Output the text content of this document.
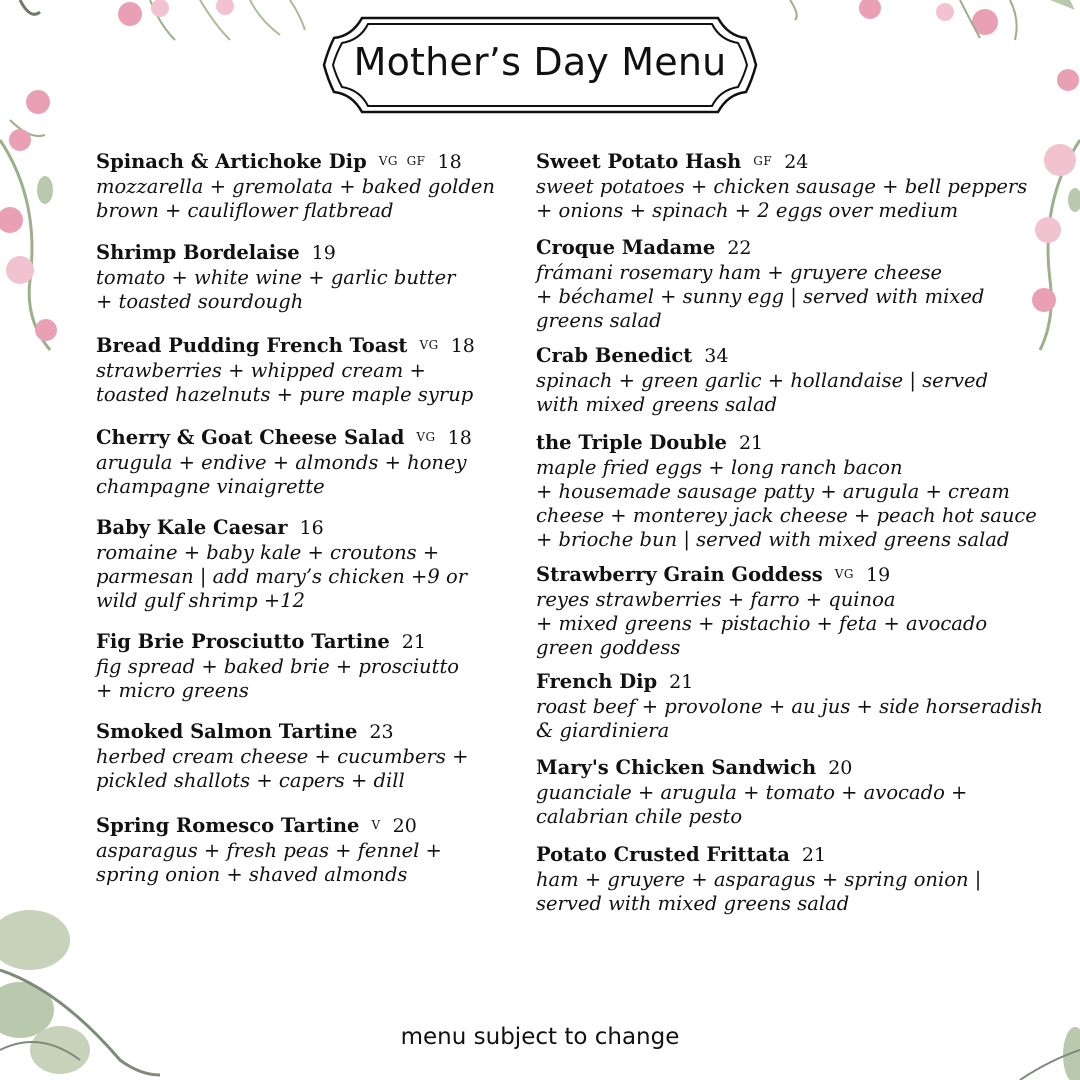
Mother’s Day Menu
Spinach & Artichoke Dip VG  GF 18
mozzarella + gremolata + baked golden
brown + cauliflower flatbread
Shrimp Bordelaise 19
tomato + white wine + garlic butter
+ toasted sourdough
Bread Pudding French Toast VG 18
strawberries + whipped cream +
toasted hazelnuts + pure maple syrup
Cherry & Goat Cheese Salad VG 18
arugula + endive + almonds + honey
champagne vinaigrette
Baby Kale Caesar 16
romaine + baby kale + croutons +
parmesan | add mary’s chicken +9 or
wild gulf shrimp +12
Fig Brie Prosciutto Tartine 21
fig spread + baked brie + prosciutto
+ micro greens
Smoked Salmon Tartine 23
herbed cream cheese + cucumbers +
pickled shallots + capers + dill
Spring Romesco Tartine V 20
asparagus + fresh peas + fennel +
spring onion + shaved almonds
Sweet Potato Hash GF 24
sweet potatoes + chicken sausage + bell peppers
+ onions + spinach + 2 eggs over medium
Croque Madame 22
frámani rosemary ham + gruyere cheese
+ béchamel + sunny egg | served with mixed
greens salad
Crab Benedict 34
spinach + green garlic + hollandaise | served
with mixed greens salad
the Triple Double 21
maple fried eggs + long ranch bacon
+ housemade sausage patty + arugula + cream
cheese + monterey jack cheese + peach hot sauce
+ brioche bun | served with mixed greens salad
Strawberry Grain Goddess VG 19
reyes strawberries + farro + quinoa
+ mixed greens + pistachio + feta + avocado
green goddess
French Dip 21
roast beef + provolone + au jus + side horseradish
& giardiniera
Mary's Chicken Sandwich 20
guanciale + arugula + tomato + avocado +
calabrian chile pesto
Potato Crusted Frittata 21
ham + gruyere + asparagus + spring onion |
served with mixed greens salad
menu subject to change
